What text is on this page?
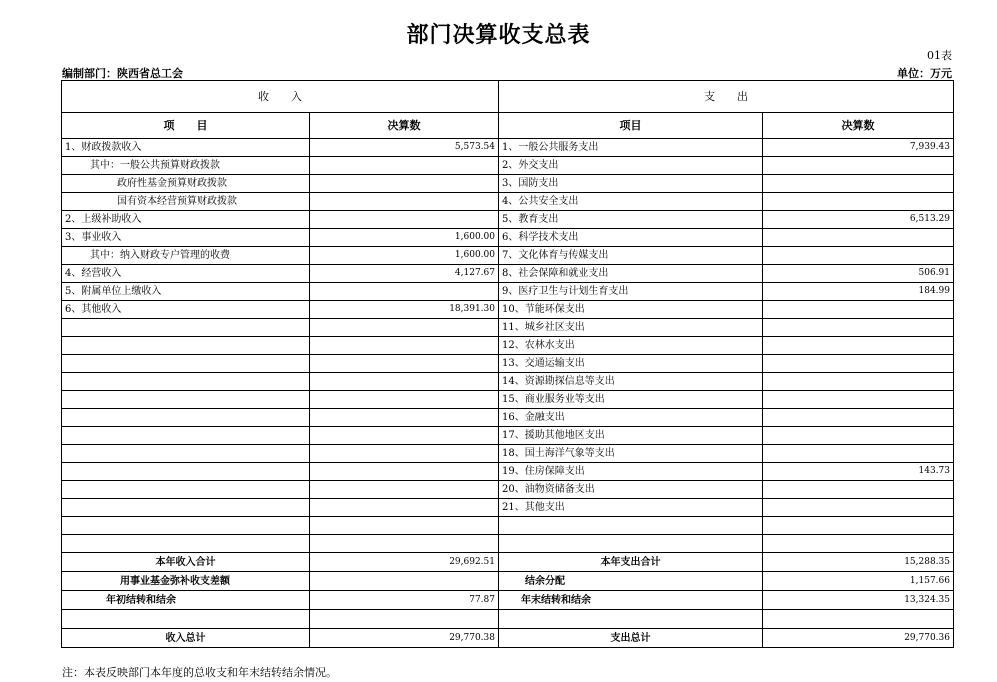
部门决算收支总表
01表
编制部门：陕西省总工会	单位：万元
收　　入		支　　出	
项　　目	决算数	项目	决算数
1、财政拨款收入	5,573.54	1、一般公共服务支出	7,939.43
其中：一般公共预算财政拨款		2、外交支出	
政府性基金预算财政拨款		3、国防支出	
国有资本经营预算财政拨款		4、公共安全支出	
2、上级补助收入		5、教育支出	6,513.29
3、事业收入	1,600.00	6、科学技术支出	
其中：纳入财政专户管理的收费	1,600.00	7、文化体育与传媒支出	
4、经营收入	4,127.67	8、社会保障和就业支出	506.91
5、附属单位上缴收入		9、医疗卫生与计划生育支出	184.99
6、其他收入	18,391.30	10、节能环保支出	
		11、城乡社区支出	
		12、农林水支出	
		13、交通运输支出	
		14、资源勘探信息等支出	
		15、商业服务业等支出	
		16、金融支出	
		17、援助其他地区支出	
		18、国土海洋气象等支出	
		19、住房保障支出	143.73
		20、油物资储备支出	
		21、其他支出	

本年收入合计	29,692.51	本年支出合计	15,288.35
用事业基金弥补收支差额		结余分配	1,157.66
年初结转和结余	77.87	年末结转和结余	13,324.35

收入总计	29,770.38	支出总计	29,770.36
注：本表反映部门本年度的总收支和年末结转结余情况。
